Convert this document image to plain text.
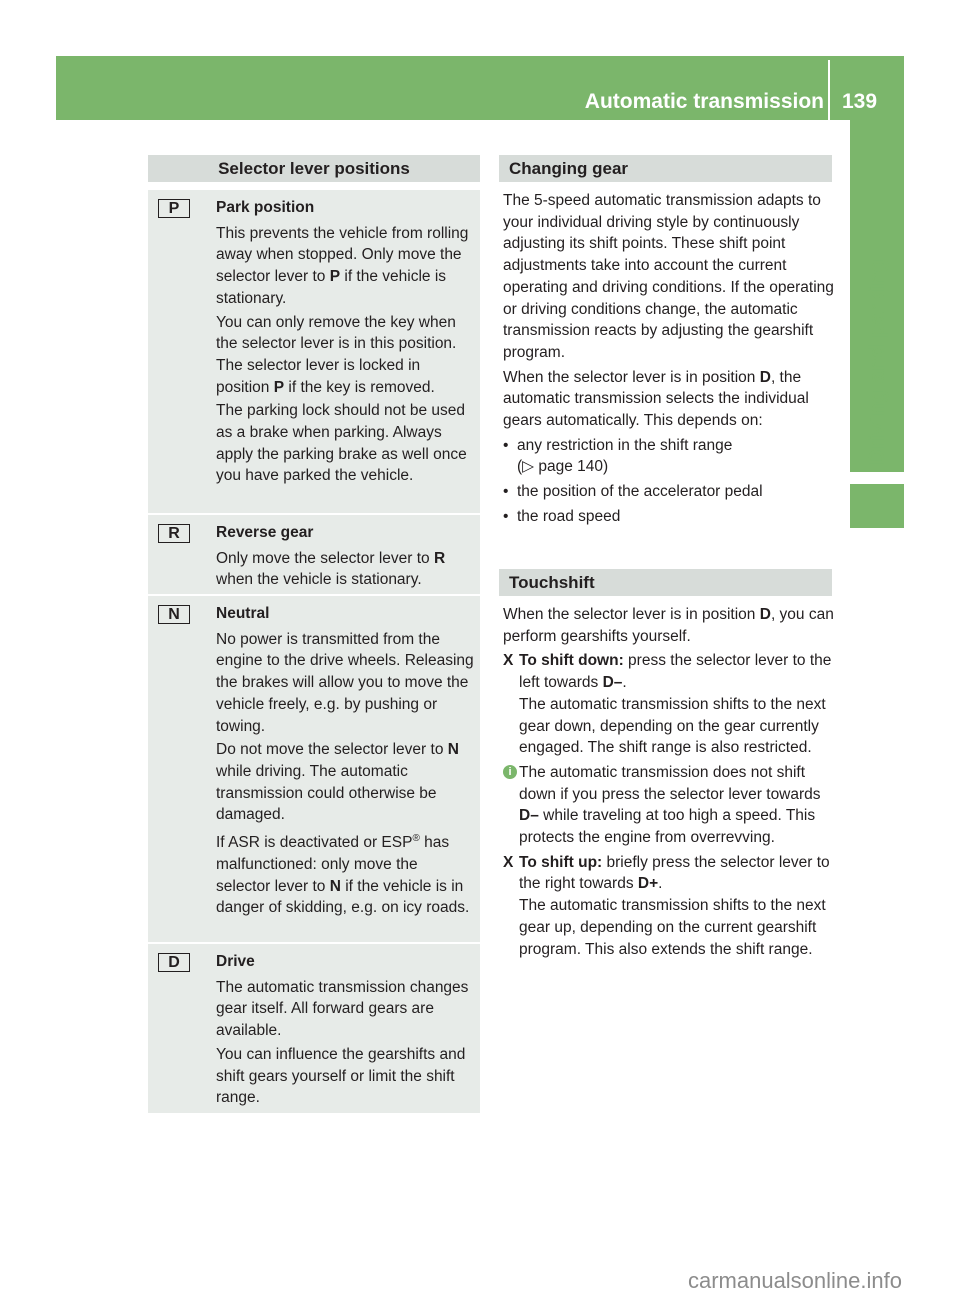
Automatic transmission 139
Driving and parking
Selector lever positions
P	Park position

This prevents the vehicle from rolling away when stopped. Only move the selector lever to P if the vehicle is stationary.

You can only remove the key when the selector lever is in this position. The selector lever is locked in position P if the key is removed.

The parking lock should not be used as a brake when parking. Always apply the parking brake as well once you have parked the vehicle.

R	Reverse gear

Only move the selector lever to R when the vehicle is stationary.

N	Neutral

No power is transmitted from the engine to the drive wheels. Releasing the brakes will allow you to move the vehicle freely, e.g. by pushing or towing.

Do not move the selector lever to N while driving. The automatic transmission could otherwise be damaged.

If ASR is deactivated or ESP® has malfunctioned: only move the selector lever to N if the vehicle is in danger of skidding, e.g. on icy roads.

D	Drive

The automatic transmission changes gear itself. All forward gears are available.

You can influence the gearshifts and shift gears yourself or limit the shift range.

Changing gear

The 5-speed automatic transmission adapts to your individual driving style by continuously adjusting its shift points. These shift point adjustments take into account the current operating and driving conditions. If the operating or driving conditions change, the automatic transmission reacts by adjusting the gearshift program.

When the selector lever is in position D, the automatic transmission selects the individual gears automatically. This depends on:

• any restriction in the shift range
(▷ page 140)
• the position of the accelerator pedal
• the road speed
Touchshift

When the selector lever is in position D, you can perform gearshifts yourself.

X To shift down: press the selector lever to the left towards D–.
The automatic transmission shifts to the next gear down, depending on the gear currently engaged. The shift range is also restricted.
i The automatic transmission does not shift down if you press the selector lever towards D– while traveling at too high a speed. This protects the engine from overrevving.
X To shift up: briefly press the selector lever to the right towards D+.
The automatic transmission shifts to the next gear up, depending on the current gearshift program. This also extends the shift range.
carmanualsonline.info
